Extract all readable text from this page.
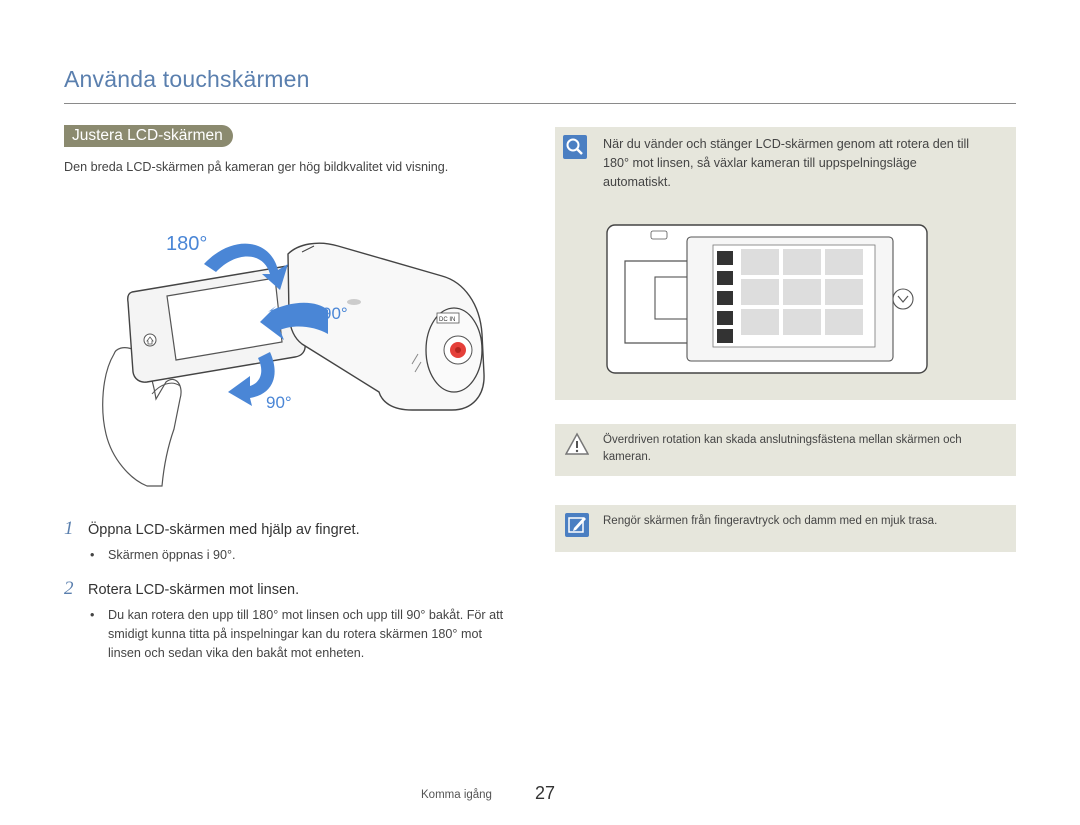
Använda touchskärmen
Justera LCD-skärmen
Den breda LCD-skärmen på kameran ger hög bildkvalitet vid visning.
DC IN
180°
90°
90°
1 Öppna LCD-skärmen med hjälp av fingret.
•	Skärmen öppnas i 90°.
2 Rotera LCD-skärmen mot linsen.
•	Du kan rotera den upp till 180° mot linsen och upp till 90° bakåt. För att smidigt kunna titta på inspelningar kan du rotera skärmen 180° mot linsen och sedan vika den bakåt mot enheten.
När du vänder och stänger LCD-skärmen genom att rotera den till 180° mot linsen, så växlar kameran till uppspelningsläge automatiskt.
Överdriven rotation kan skada anslutningsfästena mellan skärmen och kameran.
Rengör skärmen från fingeravtryck och damm med en mjuk trasa.
Komma igång 27
